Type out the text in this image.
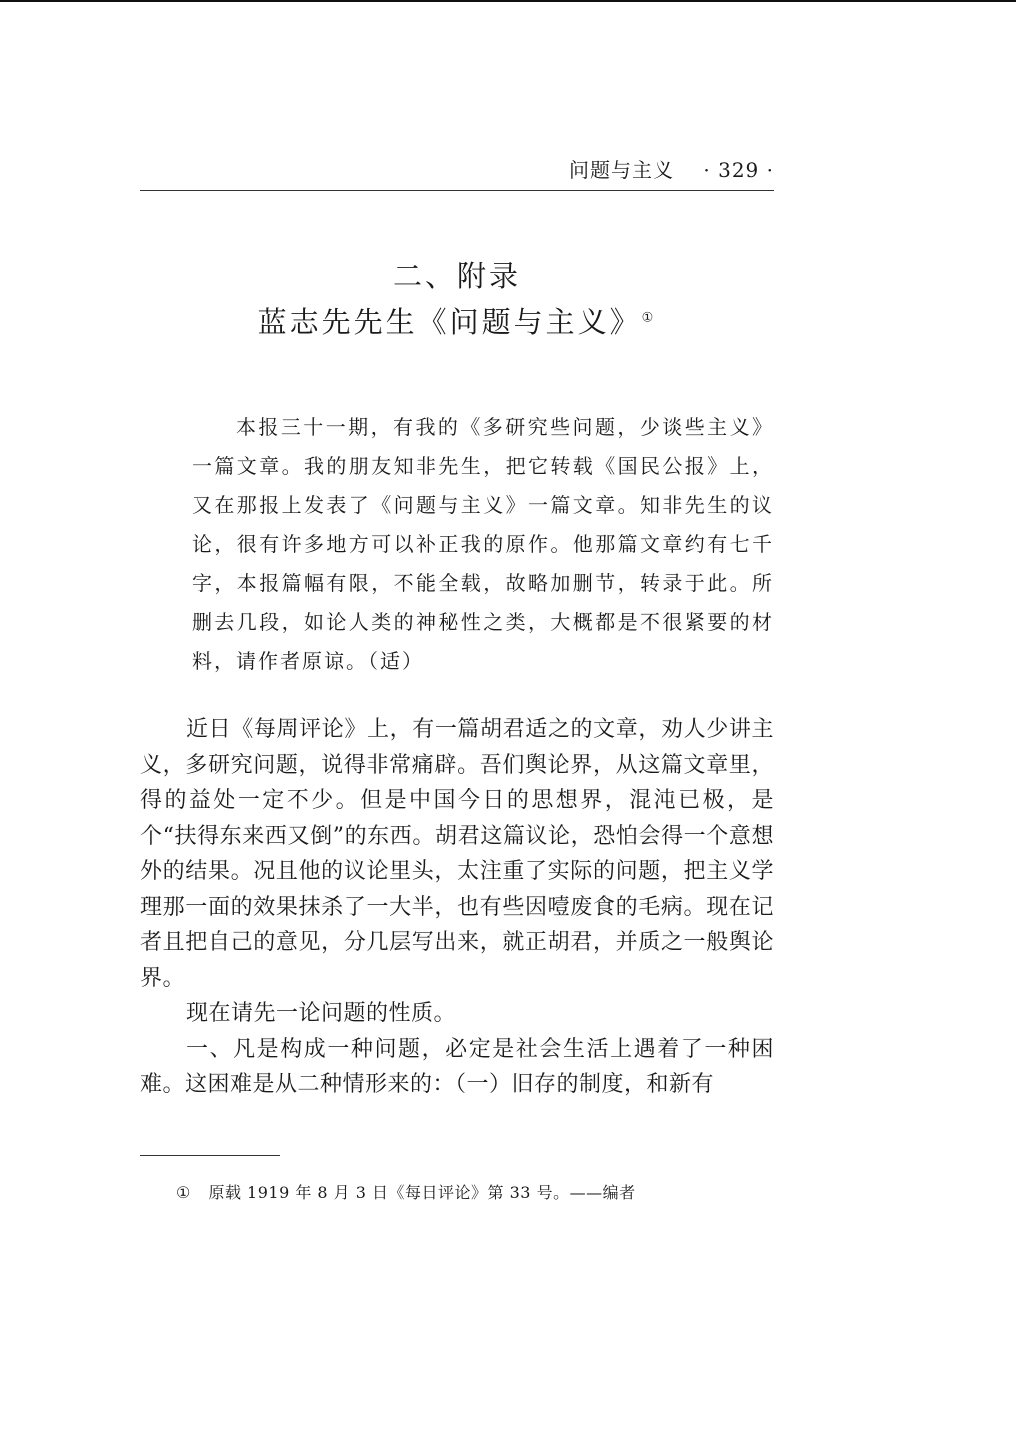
问题与主义 · 329 ·
二、附录
蓝志先先生《问题与主义》①

本报三十一期，有我的《多研究些问题，少谈些主义》一篇文章。我的朋友知非先生，把它转载《国民公报》上，又在那报上发表了《问题与主义》一篇文章。知非先生的议论，很有许多地方可以补正我的原作。他那篇文章约有七千字，本报篇幅有限，不能全载，故略加删节，转录于此。所删去几段，如论人类的神秘性之类，大概都是不很紧要的材料，请作者原谅。（适）

近日《每周评论》上，有一篇胡君适之的文章，劝人少讲主义，多研究问题，说得非常痛辟。吾们舆论界，从这篇文章里，得的益处一定不少。但是中国今日的思想界，混沌已极，是个“扶得东来西又倒”的东西。胡君这篇议论，恐怕会得一个意想外的结果。况且他的议论里头，太注重了实际的问题，把主义学理那一面的效果抹杀了一大半，也有些因噎废食的毛病。现在记者且把自己的意见，分几层写出来，就正胡君，并质之一般舆论界。

现在请先一论问题的性质。

一、凡是构成一种问题，必定是社会生活上遇着了一种困难。这困难是从二种情形来的：（一）旧存的制度，和新有

① 原载 1919 年 8 月 3 日《每日评论》第 33 号。——编者
